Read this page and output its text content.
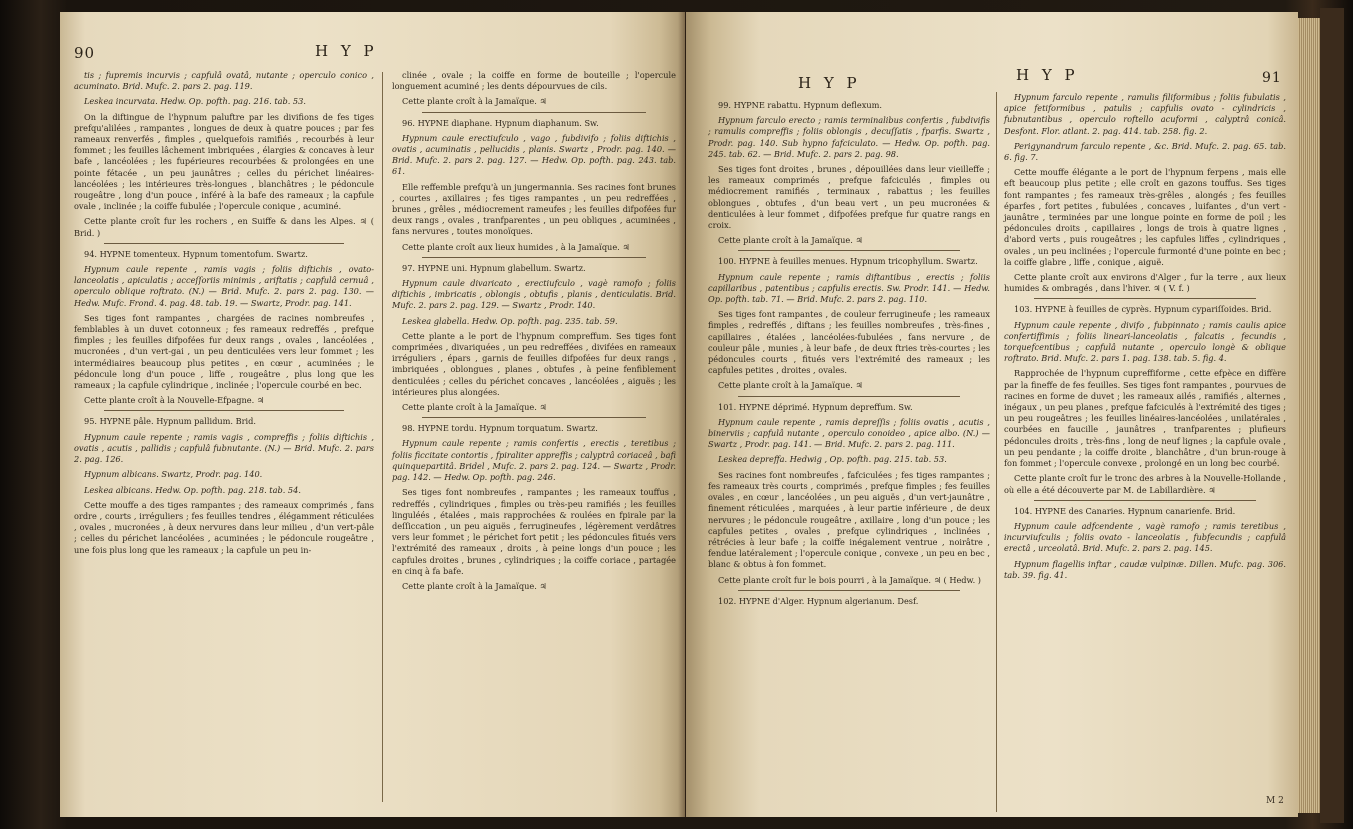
90	H Y P

tis ; fupremis incurvis ; capfulâ ovatâ, nutante ; operculo conico , acuminato. Brid. Mufc. 2. pars 2. pag. 119.

Leskea incurvata. Hedw. Op. pofth. pag. 216. tab. 53.

On la diftingue de l'hypnum paluftre par les divifions de fes tiges prefqu'alilées , rampantes , longues de deux à quatre pouces ; par fes rameaux renverfés , fimples , quelquefois ramifiés , recourbés à leur fommet ; les feuilles lâchement imbriquées , élargies & concaves à leur bafe , lancéolées ; les fupérieures recourbées & prolongées en une pointe fétacée , un peu jaunâtres ; celles du périchet linéaires-lancéolées ; les intérieures très-longues , blanchâtres ; le pédoncule rougeâtre , long d'un pouce , inféré à la bafe des rameaux ; la capfule ovale , inclinée ; la coiffe fubulée ; l'opercule conique , acuminé.

Cette plante croît fur les rochers , en Suiffe & dans les Alpes. ♃ ( Brid. )

94. HYPNE tomenteux. Hypnum tomentofum. Swartz.

Hypnum caule repente , ramis vagis ; foliis diftichis , ovato-lanceolatis , apiculatis ; acceſſoriis minimis , ariftatis ; capfulâ cernuâ , operculo oblique roftrato. (N.) — Brid. Mufc. 2. pars 2. pag. 130. — Hedw. Mufc. Frond. 4. pag. 48. tab. 19. — Swartz, Prodr. pag. 141.

Ses tiges font rampantes , chargées de racines nombreufes , femblables à un duvet cotonneux ; fes rameaux redreffés , prefque fimples ; les feuilles difpofées fur deux rangs , ovales , lancéolées , mucronées , d'un vert-gai , un peu denticulées vers leur fommet ; les intermédiaires beaucoup plus petites , en cœur , acuminées ; le pédoncule long d'un pouce , liffe , rougeâtre , plus long que les rameaux ; la capfule cylindrique , inclinée ; l'opercule courbé en bec.

Cette plante croît à la Nouvelle-Efpagne. ♃

95. HYPNE pâle. Hypnum pallidum. Brid.

Hypnum caule repente ; ramis vagis , compreffis ; foliis diftichis , ovatis , acutis , pallidis ; capfulâ fubnutante. (N.) — Brid. Mufc. 2. pars 2. pag. 126.

Hypnum albicans. Swartz, Prodr. pag. 140.

Leskea albicans. Hedw. Op. pofth. pag. 218. tab. 54.

Cette mouffe a des tiges rampantes ; des rameaux comprimés , fans ordre , courts , irréguliers ; fes feuilles tendres , élégamment réticulées , ovales , mucronées , à deux nervures dans leur milieu , d'un vert-pâle ; celles du périchet lancéolées , acuminées ; le pédoncule rougeâtre , une fois plus long que les rameaux ; la capfule un peu in-

clinée , ovale ; la coiffe en forme de bouteille ; l'opercule longuement acuminé ; les dents dépourvues de cils.

Cette plante croît à la Jamaïque. ♃

96. HYPNE diaphane. Hypnum diaphanum. Sw.

Hypnum caule erectiufculo , vago , fubdivifo ; foliis diftichis , ovatis , acuminatis , pellucidis , planis. Swartz , Prodr. pag. 140. — Brid. Mufc. 2. pars 2. pag. 127. — Hedw. Op. pofth. pag. 243. tab. 61.

Elle reffemble prefqu'à un jungermannia. Ses racines font brunes , courtes , axillaires ; fes tiges rampantes , un peu redreffées , brunes , grêles , médiocrement rameufes ; les feuilles difpofées fur deux rangs , ovales , tranfparentes , un peu obliques , acuminées , fans nervures , toutes monoïques.

Cette plante croît aux lieux humides , à la Jamaïque. ♃

97. HYPNE uni. Hypnum glabellum. Swartz.

Hypnum caule divaricato , erectiufculo , vagè ramofo ; foliis diftichis , imbricatis , oblongis , obtufis , planis , denticulatis. Brid. Mufc. 2. pars 2. pag. 129. — Swartz , Prodr. 140.

Leskea glabella. Hedw. Op. pofth. pag. 235. tab. 59.

Cette plante a le port de l'hypnum compreffum. Ses tiges font comprimées , divariquées , un peu redreffées , divifées en rameaux irréguliers , épars , garnis de feuilles difpofées fur deux rangs , imbriquées , oblongues , planes , obtufes , à peine fenfiblement denticulées ; celles du périchet concaves , lancéolées , aiguës ; les intérieures plus alongées.

Cette plante croît à la Jamaïque. ♃

98. HYPNE tordu. Hypnum torquatum. Swartz.

Hypnum caule repente ; ramis confertis , erectis , teretibus ; foliis ficcitate contortis , fpiraliter appreffis ; calyptrâ coriaceâ , bafi quinquepartitâ. Bridel , Mufc. 2. pars 2. pag. 124. — Swartz , Prodr. pag. 142. — Hedw. Op. pofth. pag. 246.

Ses tiges font nombreufes , rampantes ; les rameaux touffus , redreffés , cylindriques , fimples ou très-peu ramifiés ; les feuilles linguléés , étalées , mais rapprochées & roulées en fpirale par la deſſiccation , un peu aiguës , ferrugineufes , légèrement verdâtres vers leur fommet ; le périchet fort petit ; les pédoncules fitués vers l'extrémité des rameaux , droits , à peine longs d'un pouce ; les capfules droites , brunes , cylindriques ; la coiffe coriace , partagée en cinq à fa bafe.

Cette plante croît à la Jamaïque. ♃

H Y P	H Y P	91

99. HYPNE rabattu. Hypnum deflexum.

Hypnum farculo erecto ; ramis terminalibus confertis , fubdivifis ; ramulis compreffis ; foliis oblongis , decuſſatis , fparfis. Swartz , Prodr. pag. 140. Sub hypno fafciculato. — Hedw. Op. pofth. pag. 245. tab. 62. — Brid. Mufc. 2. pars 2. pag. 98.

Ses tiges font droites , brunes , dépouillées dans leur vieilleffe ; les rameaux comprimés , prefque fafciculés , fimples ou médiocrement ramifiés , terminaux , rabattus ; les feuilles oblongues , obtufes , d'un beau vert , un peu mucronées & denticulées à leur fommet , difpofées prefque fur quatre rangs en croix.

Cette plante croît à la Jamaïque. ♃

100. HYPNE à feuilles menues. Hypnum tricophyllum. Swartz.

Hypnum caule repente ; ramis diftantibus , erectis ; foliis capillaribus , patentibus ; capfulis erectis. Sw. Prodr. 141. — Hedw. Op. pofth. tab. 71. — Brid. Mufc. 2. pars 2. pag. 110.

Ses tiges font rampantes , de couleur ferrugineufe ; les rameaux fimples , redreffés , diftans ; les feuilles nombreufes , très-fines , capillaires , étalées , lancéolées-fubulées , fans nervure , de couleur pâle , munies , à leur bafe , de deux ftries très-courtes ; les pédoncules courts , fitués vers l'extrémité des rameaux ; les capfules petites , droites , ovales.

Cette plante croît à la Jamaïque. ♃

101. HYPNE déprimé. Hypnum depreffum. Sw.

Hypnum caule repente , ramis depreſſis ; foliis ovatis , acutis , binerviis ; capfulâ nutante , operculo conoideo , apice albo. (N.) — Swartz , Prodr. pag. 141. — Brid. Mufc. 2. pars 2. pag. 111.

Leskea depreffa. Hedwig , Op. pofth. pag. 215. tab. 53.

Ses racines font nombreufes , fafciculées ; fes tiges rampantes ; fes rameaux très courts , comprimés , prefque fimples ; fes feuilles ovales , en cœur , lancéolées , un peu aiguës , d'un vert-jaunâtre , finement réticulées , marquées , à leur partie inférieure , de deux nervures ; le pédoncule rougeâtre , axillaire , long d'un pouce ; les capfules petites , ovales , prefque cylindriques , inclinées , rétrécies à leur bafe ; la coiffe inégalement ventrue , noirâtre , fendue latéralement ; l'opercule conique , convexe , un peu en bec , blanc & obtus à fon fommet.

Cette plante croît fur le bois pourri , à la Jamaïque. ♃ ( Hedw. )

102. HYPNE d'Alger. Hypnum algerianum. Desf.

Hypnum farculo repente , ramulis filiformibus ; foliis fubulatis , apice fetiformibus , patulis ; capfulis ovato - cylindricis , fubnutantibus , operculo roftello acuformi , calyptrâ conicâ. Desfont. Flor. atlant. 2. pag. 414. tab. 258. fig. 2.

Perigynandrum farculo repente , &c. Brid. Mufc. 2. pag. 65. tab. 6. fig. 7.

Cette mouffe élégante a le port de l'hypnum ferpens , mais elle eft beaucoup plus petite ; elle croît en gazons touffus. Ses tiges font rampantes ; fes rameaux très-grêles , alongés ; fes feuilles éparfes , fort petites , fubulées , concaves , luifantes , d'un vert - jaunâtre , terminées par une longue pointe en forme de poil ; les pédoncules droits , capillaires , longs de trois à quatre lignes , d'abord verts , puis rougeâtres ; les capfules liffes , cylindriques , ovales , un peu inclinées ; l'opercule furmonté d'une pointe en bec ; la coiffe glabre , liffe , conique , aiguë.

Cette plante croît aux environs d'Alger , fur la terre , aux lieux humides & ombragés , dans l'hiver. ♃ ( V. f. )

103. HYPNE à feuilles de cyprès. Hypnum cypariſſoides. Brid.

Hypnum caule repente , divifo , fubpinnato ; ramis caulis apice confertiffimis ; foliis lineari-lanceolatis , falcatis , fecundis , torquefcentibus ; capfulâ nutante , operculo longè & oblique roftrato. Brid. Mufc. 2. pars 1. pag. 138. tab. 5. fig. 4.

Rapprochée de l'hypnum cupreffiforme , cette efpèce en diffère par la fineffe de fes feuilles. Ses tiges font rampantes , pourvues de racines en forme de duvet ; les rameaux ailés , ramifiés , alternes , inégaux , un peu planes , prefque fafciculés à l'extrémité des tiges ; un peu rougeâtres ; les feuilles linéaires-lancéolées , unilatérales , courbées en faucille , jaunâtres , tranfparentes ; plufieurs pédoncules droits , très-fins , long de neuf lignes ; la capfule ovale , un peu pendante ; la coiffe droite , blanchâtre , d'un brun-rouge à fon fommet ; l'opercule convexe , prolongé en un long bec courbé.

Cette plante croît fur le tronc des arbres à la Nouvelle-Hollande , où elle a été découverte par M. de Labillardière. ♃

104. HYPNE des Canaries. Hypnum canarienfe. Brid.

Hypnum caule adfcendente , vagè ramofo ; ramis teretibus , incurviufculis ; foliis ovato - lanceolatis , fubfecundis ; capfulâ erectâ , urceolatâ. Brid. Mufc. 2. pars 2. pag. 145.

Hypnum flagellis inftar , caudæ vulpinæ. Dillen. Mufc. pag. 306. tab. 39. fig. 41.

M 2
